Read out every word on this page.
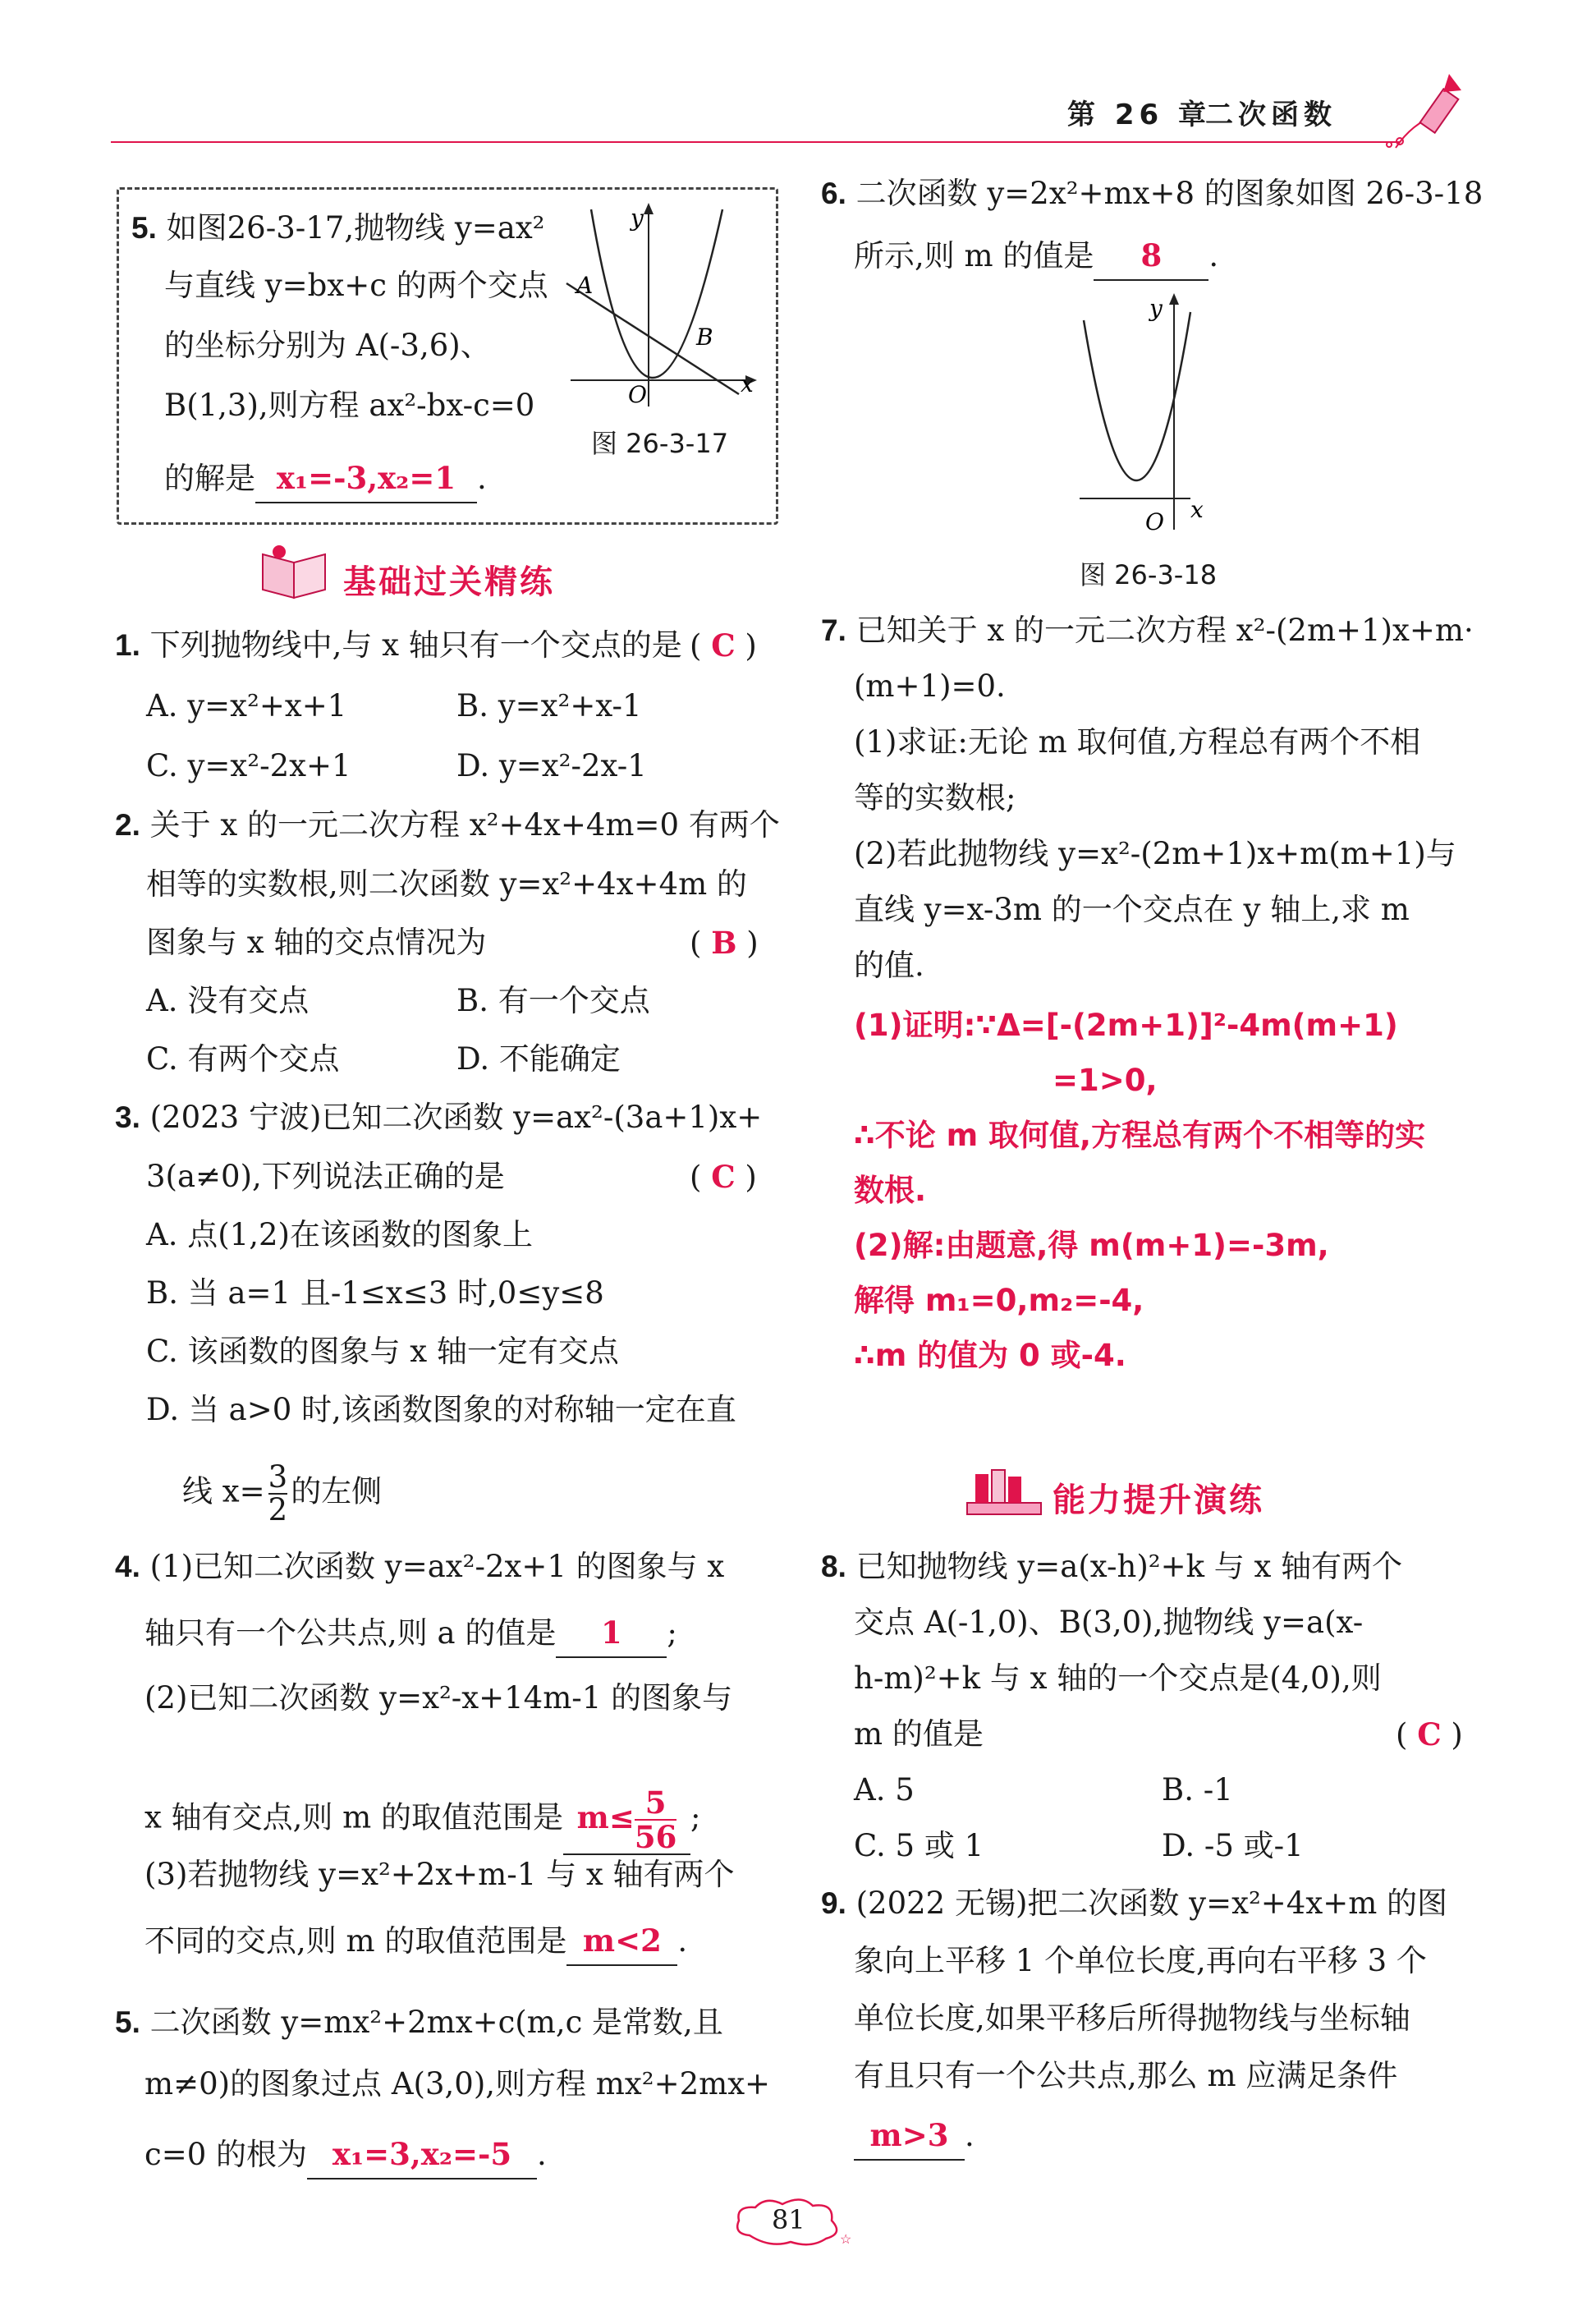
第 26 章
二次函数
5. 如图26-3-17,抛物线 y=ax²
与直线 y=bx+c 的两个交点
的坐标分别为 A(-3,6)、
B(1,3),则方程 ax²-bx-c=0
的解是 x₁=-3,x₂=1 .
y
x
O
A
B
图 26-3-17
基础过关精练
1. 下列抛物线中,与 x 轴只有一个交点的是 ( C )
A. y=x²+x+1	B. y=x²+x-1
C. y=x²-2x+1	D. y=x²-2x-1
2. 关于 x 的一元二次方程 x²+4x+4m=0 有两个
相等的实数根,则二次函数 y=x²+4x+4m 的
图象与 x 轴的交点情况为	( B )
A. 没有交点	B. 有一个交点
C. 有两个交点	D. 不能确定
3. (2023 宁波)已知二次函数 y=ax²-(3a+1)x+
3(a≠0),下列说法正确的是	( C )
A. 点(1,2)在该函数的图象上
B. 当 a=1 且-1≤x≤3 时,0≤y≤8
C. 该函数的图象与 x 轴一定有交点
D. 当 a>0 时,该函数图象的对称轴一定在直
线 $x= \frac{3}{2}$ 的左侧
4. (1)已知二次函数 y=ax²-2x+1 的图象与 x
轴只有一个公共点,则 a 的值是 1 ;
(2)已知二次函数 y=x²-x+14m-1 的图象与
x 轴有交点,则 m 的取值范围是 $m\le \frac{5}{56}$ ;
(3)若抛物线 y=x²+2x+m-1 与 x 轴有两个
不同的交点,则 m 的取值范围是 m<2 .
5. 二次函数 y=mx²+2mx+c(m,c 是常数,且
m≠0)的图象过点 A(3,0),则方程 mx²+2mx+
c=0 的根为 x₁=3,x₂=-5 .
6. 二次函数 y=2x²+mx+8 的图象如图 26-3-18
所示,则 m 的值是 8 .
y
x
O
图 26-3-18
7. 已知关于 x 的一元二次方程 x²-(2m+1)x+m·
(m+1)=0.
(1)求证:无论 m 取何值,方程总有两个不相
等的实数根;
(2)若此抛物线 y=x²-(2m+1)x+m(m+1)与
直线 y=x-3m 的一个交点在 y 轴上,求 m
的值.
(1)证明:∵Δ=[-(2m+1)]²-4m(m+1)
=1>0,
∴不论 m 取何值,方程总有两个不相等的实
数根.
(2)解:由题意,得 m(m+1)=-3m,
解得 m₁=0,m₂=-4,
∴m 的值为 0 或-4.
能力提升演练
8. 已知抛物线 y=a(x-h)²+k 与 x 轴有两个
交点 A(-1,0)、B(3,0),抛物线 y=a(x-
h-m)²+k 与 x 轴的一个交点是(4,0),则
m 的值是	( C )
A. 5	B. -1
C. 5 或 1	D. -5 或-1
9. (2022 无锡)把二次函数 y=x²+4x+m 的图
象向上平移 1 个单位长度,再向右平移 3 个
单位长度,如果平移后所得抛物线与坐标轴
有且只有一个公共点,那么 m 应满足条件
m>3 .
☆
81
